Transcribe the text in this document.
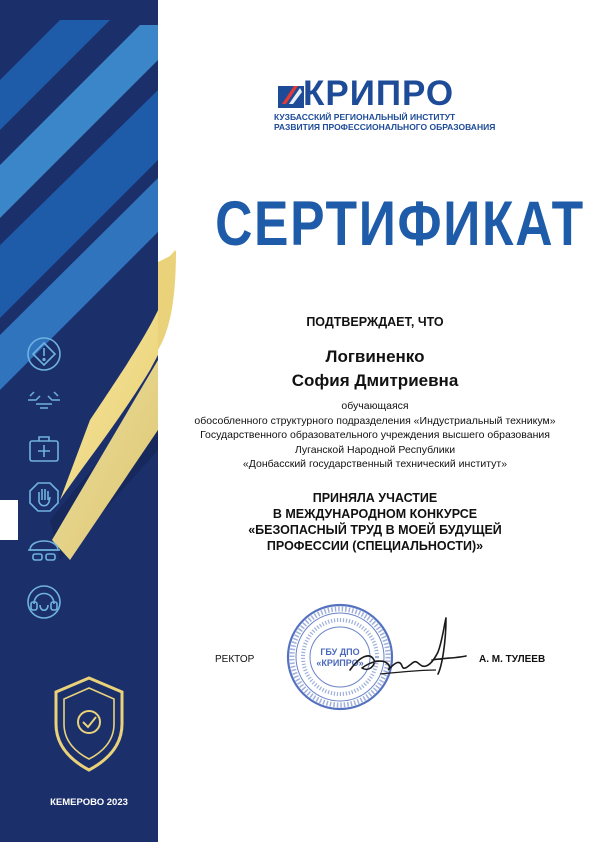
КРИПРО
КУЗБАССКИЙ РЕГИОНАЛЬНЫЙ ИНСТИТУТ
РАЗВИТИЯ ПРОФЕССИОНАЛЬНОГО ОБРАЗОВАНИЯ
СЕРТИФИКАТ
ПОДТВЕРЖДАЕТ, ЧТО
Логвиненко
София Дмитриевна
обучающаяся
обособленного структурного подразделения «Индустриальный техникум»
Государственного образовательного учреждения высшего образования
Луганской Народной Республики
«Донбасский государственный технический институт»
ПРИНЯЛА УЧАСТИЕ
В МЕЖДУНАРОДНОМ КОНКУРСЕ
«БЕЗОПАСНЫЙ ТРУД В МОЕЙ БУДУЩЕЙ
ПРОФЕССИИ (СПЕЦИАЛЬНОСТИ)»
ГБУ ДПО
«КРИПРО»
РЕКТОР	А. М. ТУЛЕЕВ
КЕМЕРОВО 2023
